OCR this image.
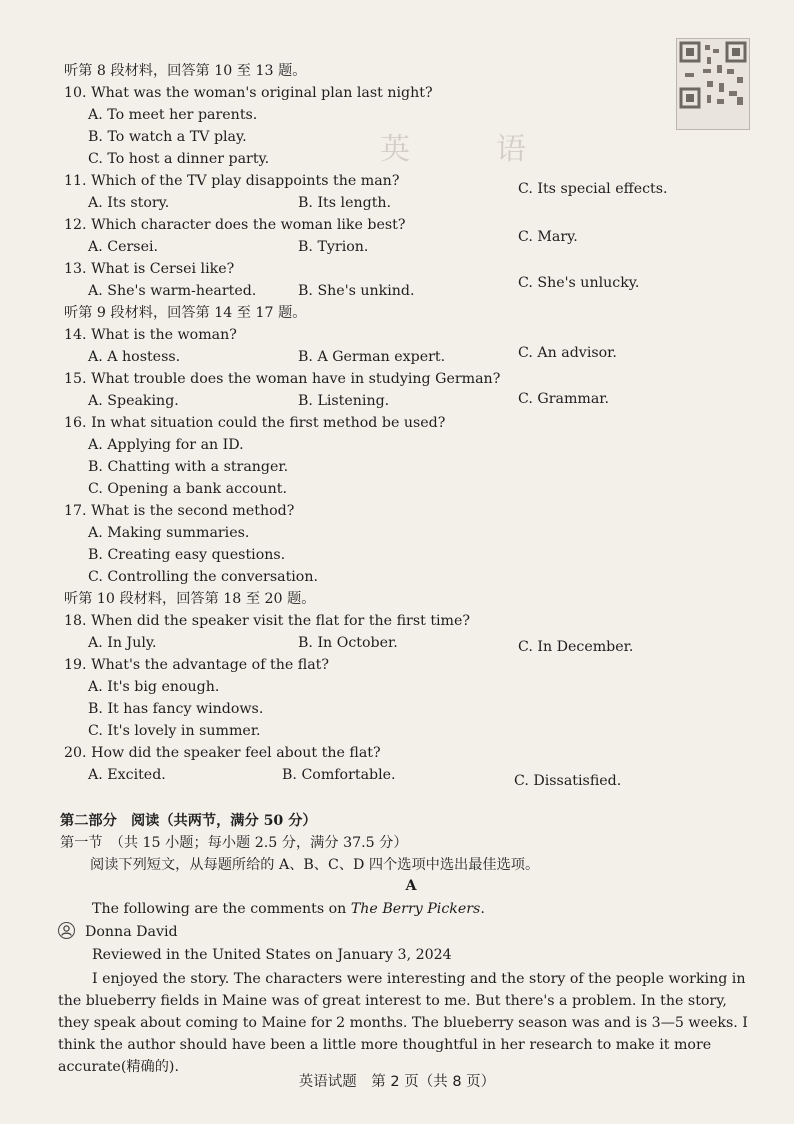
英　语
听第 8 段材料，回答第 10 至 13 题。
10. What was the woman's original plan last night?
A. To meet her parents.
B. To watch a TV play.
C. To host a dinner party.
11. Which of the TV play disappoints the man?
A. Its story.	B. Its length.
C. Its special effects.
12. Which character does the woman like best?
A. Cersei.	B. Tyrion.
C. Mary.
13. What is Cersei like?
A. She's warm-hearted.	B. She's unkind.	C. She's unlucky.
听第 9 段材料，回答第 14 至 17 题。
14. What is the woman?
A. A hostess.	B. A German expert.	C. An advisor.
15. What trouble does the woman have in studying German?
A. Speaking.	B. Listening.	C. Grammar.
16. In what situation could the first method be used?
A. Applying for an ID.
B. Chatting with a stranger.
C. Opening a bank account.
17. What is the second method?
A. Making summaries.
B. Creating easy questions.
C. Controlling the conversation.
听第 10 段材料，回答第 18 至 20 题。
18. When did the speaker visit the flat for the first time?
A. In July.	B. In October.	C. In December.
19. What's the advantage of the flat?
A. It's big enough.
B. It has fancy windows.
C. It's lovely in summer.
20. How did the speaker feel about the flat?
A. Excited.	B. Comfortable.	C. Dissatisfied.
第二部分　阅读（共两节，满分 50 分）
第一节　（共 15 小题；每小题 2.5 分，满分 37.5 分）
阅读下列短文，从每题所给的 A、B、C、D 四个选项中选出最佳选项。
A
The following are the comments on The Berry Pickers.
Donna David
Reviewed in the United States on January 3, 2024
I enjoyed the story. The characters were interesting and the story of the people working in
the blueberry fields in Maine was of great interest to me. But there's a problem. In the story,
they speak about coming to Maine for 2 months. The blueberry season was and is 3—5 weeks. I
think the author should have been a little more thoughtful in her research to make it more
accurate(精确的).
英语试题　第 2 页（共 8 页）
